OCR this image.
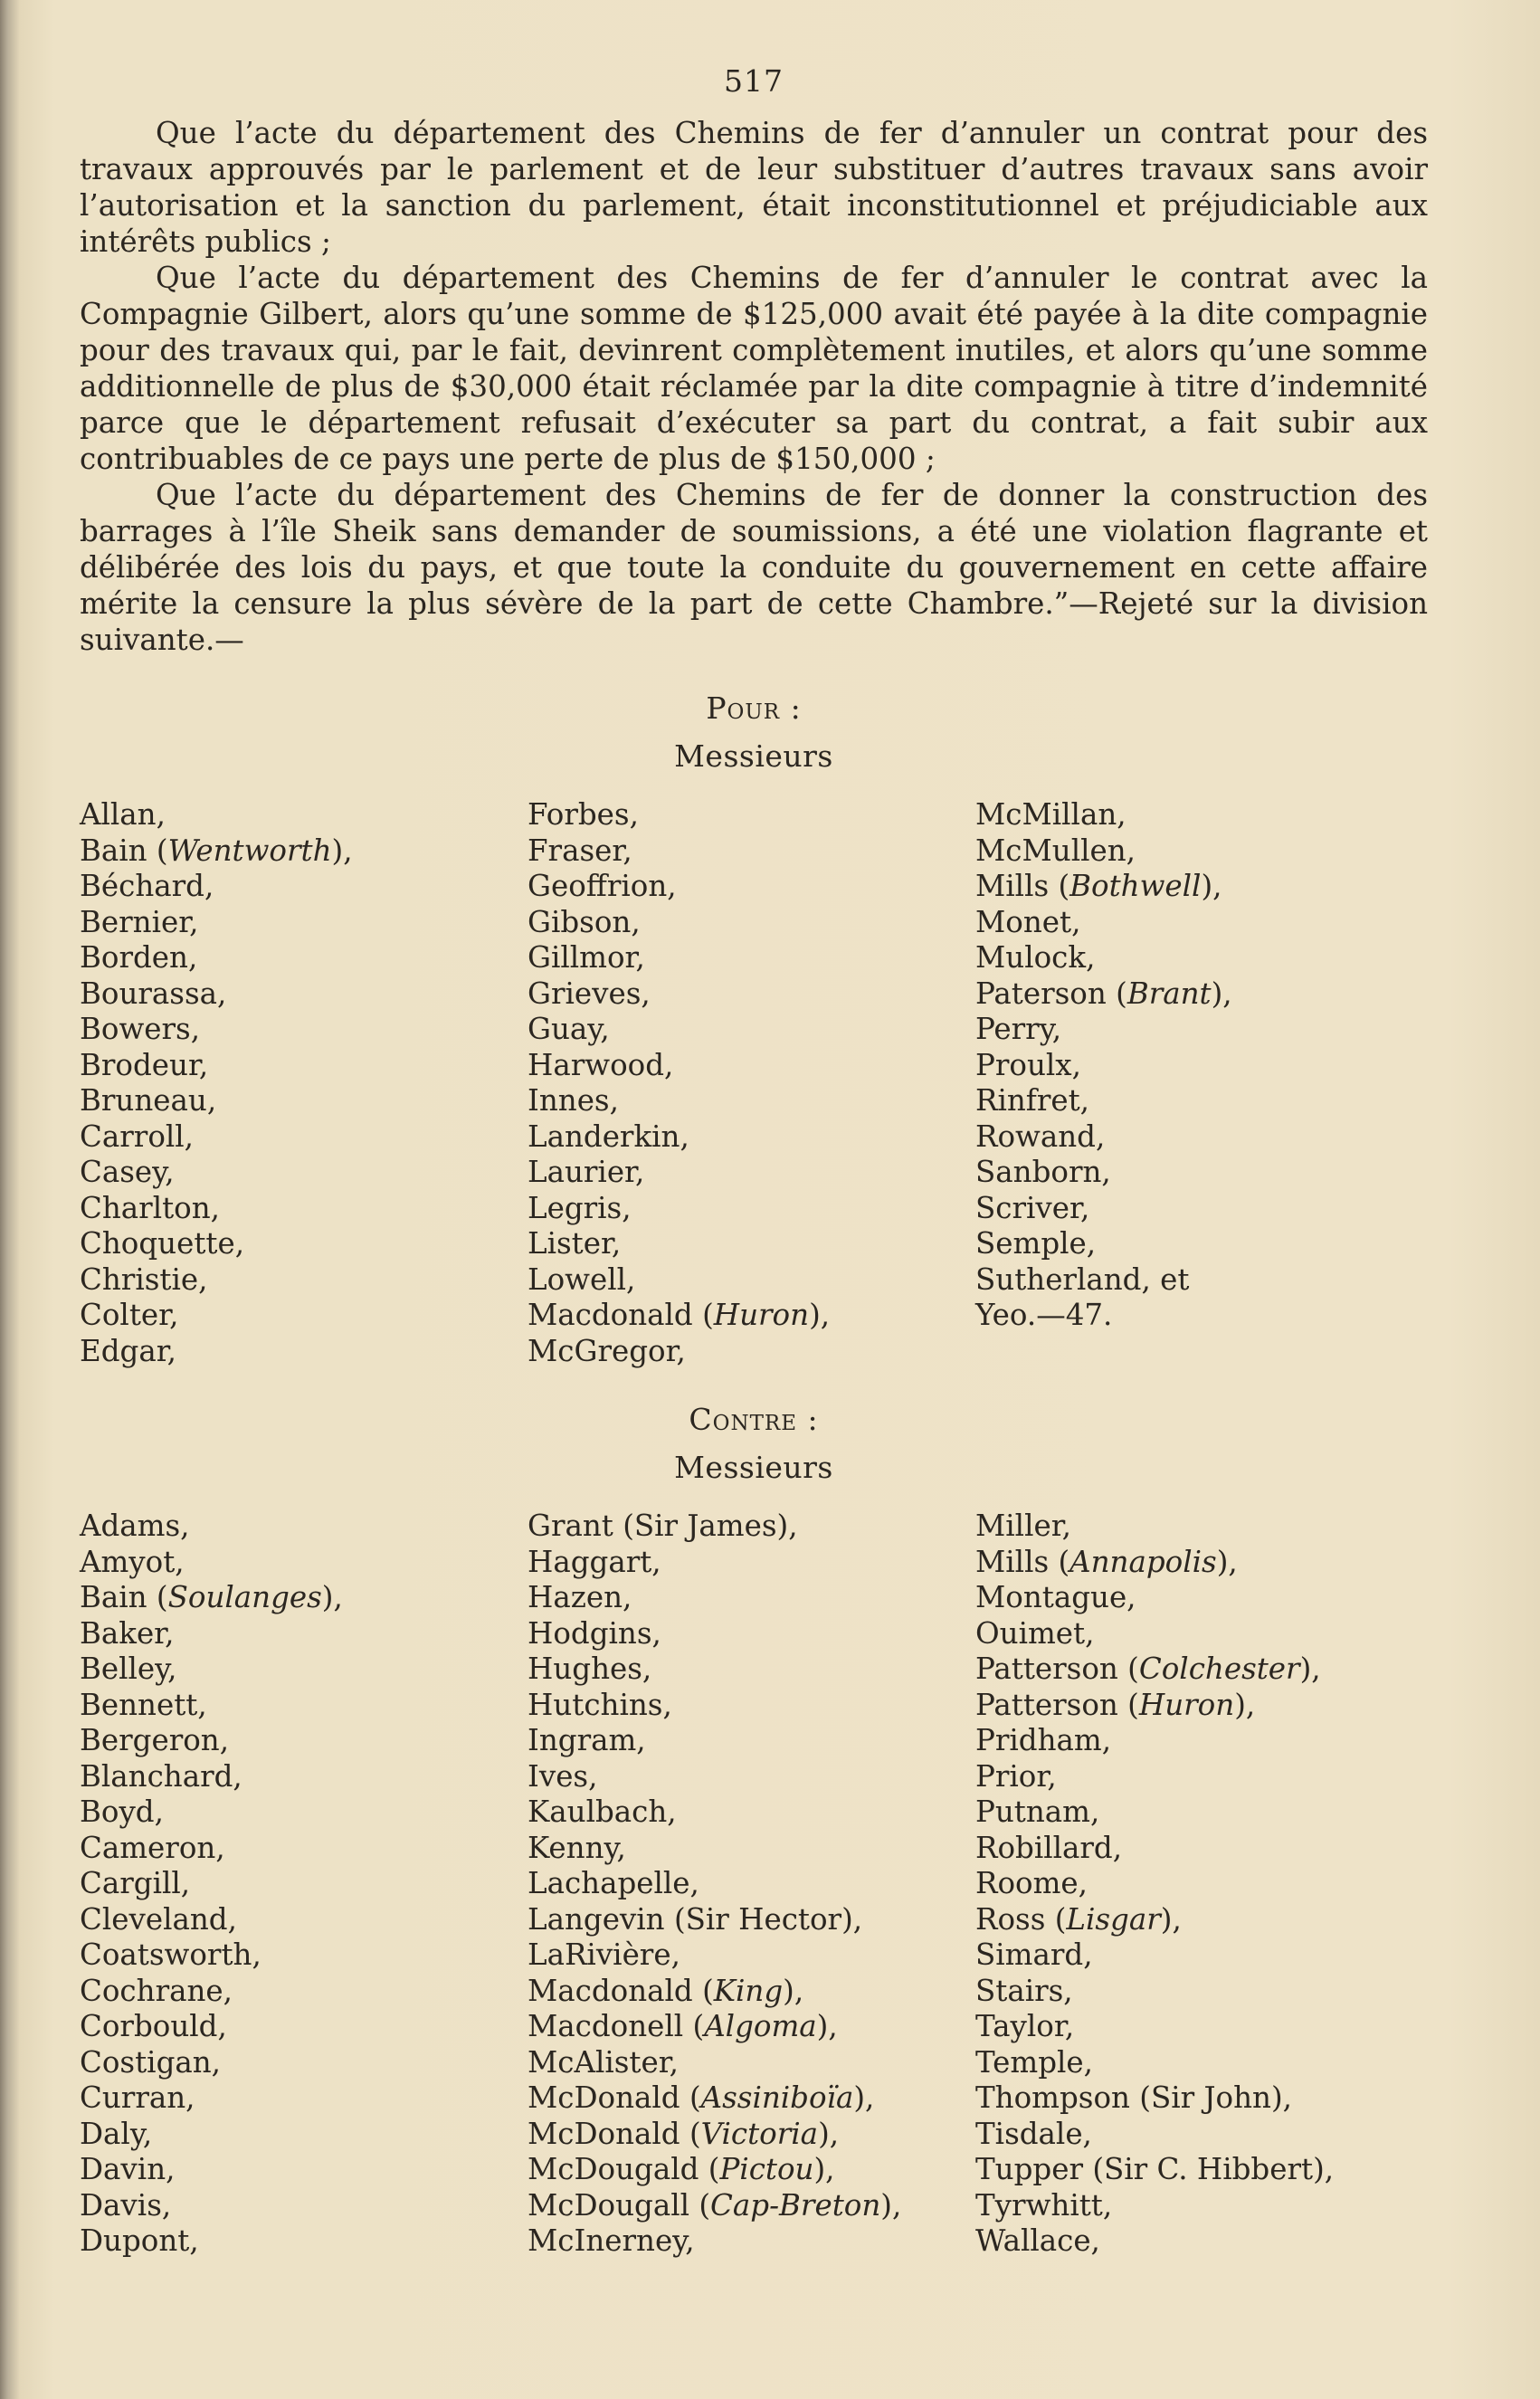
517

Que l’acte du département des Chemins de fer d’annuler un contrat pour des travaux approuvés par le parlement et de leur substituer d’autres travaux sans avoir l’autorisation et la sanction du parlement, était inconstitutionnel et préjudiciable aux intérêts publics ;

Que l’acte du département des Chemins de fer d’annuler le contrat avec la Compagnie Gilbert, alors qu’une somme de $125,000 avait été payée à la dite compagnie pour des travaux qui, par le fait, devinrent complètement inutiles, et alors qu’une somme additionnelle de plus de $30,000 était réclamée par la dite compagnie à titre d’indemnité parce que le département refusait d’exécuter sa part du contrat, a fait subir aux contribuables de ce pays une perte de plus de $150,000 ;

Que l’acte du département des Chemins de fer de donner la construction des barrages à l’île Sheik sans demander de soumissions, a été une violation flagrante et délibérée des lois du pays, et que toute la conduite du gouvernement en cette affaire mérite la censure la plus sévère de la part de cette Chambre.”—Rejeté sur la division suivante.—

Pour :
Messieurs
Allan,
Bain (Wentworth),
Béchard,
Bernier,
Borden,
Bourassa,
Bowers,
Brodeur,
Bruneau,
Carroll,
Casey,
Charlton,
Choquette,
Christie,
Colter,
Edgar,
Forbes,
Fraser,
Geoffrion,
Gibson,
Gillmor,
Grieves,
Guay,
Harwood,
Innes,
Landerkin,
Laurier,
Legris,
Lister,
Lowell,
Macdonald (Huron),
McGregor,
McMillan,
McMullen,
Mills (Bothwell),
Monet,
Mulock,
Paterson (Brant),
Perry,
Proulx,
Rinfret,
Rowand,
Sanborn,
Scriver,
Semple,
Sutherland, et
Yeo.—47.
Contre :
Messieurs
Adams,
Amyot,
Bain (Soulanges),
Baker,
Belley,
Bennett,
Bergeron,
Blanchard,
Boyd,
Cameron,
Cargill,
Cleveland,
Coatsworth,
Cochrane,
Corbould,
Costigan,
Curran,
Daly,
Davin,
Davis,
Dupont,
Grant (Sir James),
Haggart,
Hazen,
Hodgins,
Hughes,
Hutchins,
Ingram,
Ives,
Kaulbach,
Kenny,
Lachapelle,
Langevin (Sir Hector),
LaRivière,
Macdonald (King),
Macdonell (Algoma),
McAlister,
McDonald (Assiniboïa),
McDonald (Victoria),
McDougald (Pictou),
McDougall (Cap-Breton),
McInerney,
Miller,
Mills (Annapolis),
Montague,
Ouimet,
Patterson (Colchester),
Patterson (Huron),
Pridham,
Prior,
Putnam,
Robillard,
Roome,
Ross (Lisgar),
Simard,
Stairs,
Taylor,
Temple,
Thompson (Sir John),
Tisdale,
Tupper (Sir C. Hibbert),
Tyrwhitt,
Wallace,
